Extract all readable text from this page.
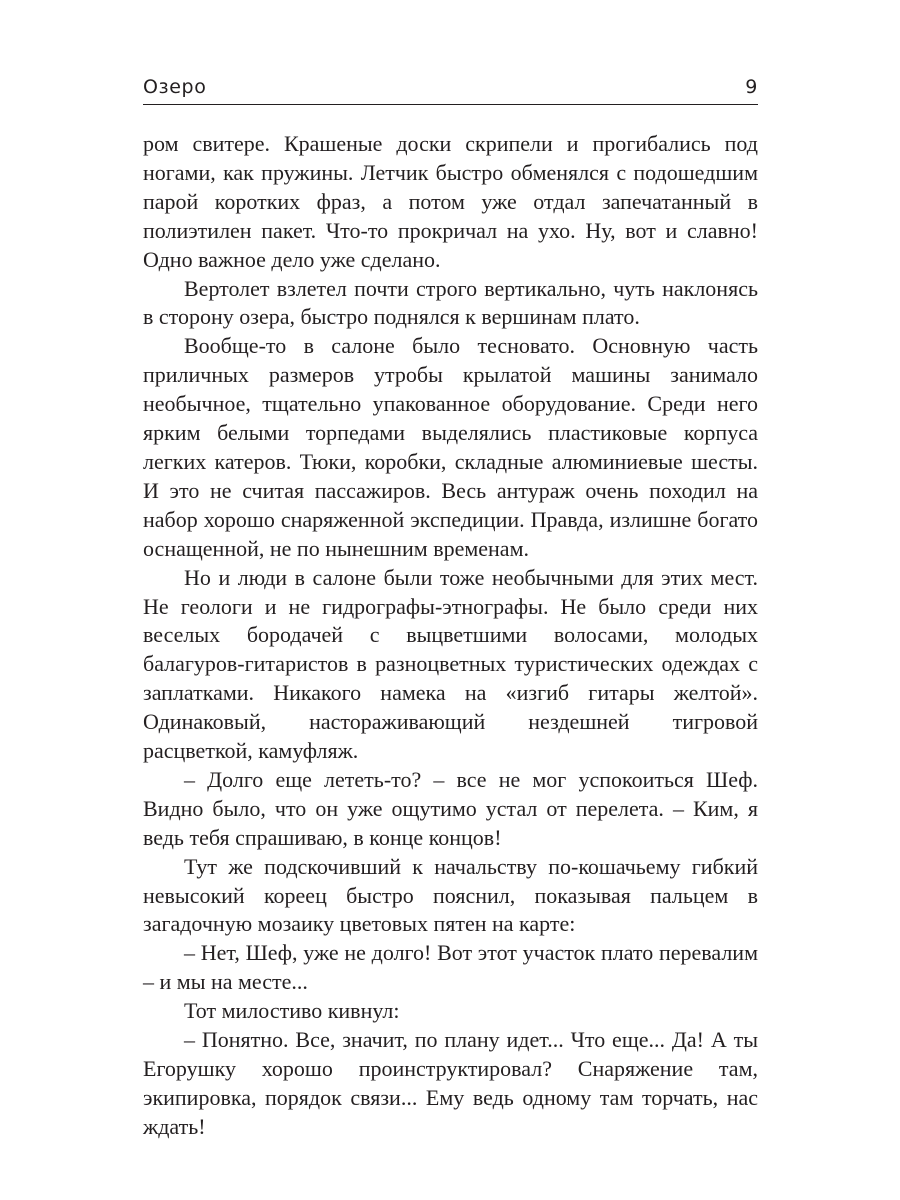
Озеро	9

ром свитере. Крашеные доски скрипели и прогибались под ногами, как пружины. Летчик быстро обменялся с подошедшим парой коротких фраз, а потом уже отдал запечатанный в полиэтилен пакет. Что-то прокричал на ухо. Ну, вот и славно! Одно важное дело уже сделано.

Вертолет взлетел почти строго вертикально, чуть наклонясь в сторону озера, быстро поднялся к вершинам плато.

Вообще-то в салоне было тесновато. Основную часть приличных размеров утробы крылатой машины занимало необычное, тщательно упакованное оборудование. Среди него ярким белыми торпедами выделялись пластиковые корпуса легких катеров. Тюки, коробки, складные алюминиевые шесты. И это не считая пассажиров. Весь антураж очень походил на набор хорошо снаряженной экспедиции. Правда, излишне богато оснащенной, не по нынешним временам.

Но и люди в салоне были тоже необычными для этих мест. Не геологи и не гидрографы-этнографы. Не было среди них веселых бородачей с выцветшими волосами, молодых балагуров-гитаристов в разноцветных туристических одеждах с заплатками. Никакого намека на «изгиб гитары желтой». Одинаковый, настораживающий нездешней тигровой расцветкой, камуфляж.

– Долго еще лететь-то? – все не мог успокоиться Шеф. Видно было, что он уже ощутимо устал от перелета. – Ким, я ведь тебя спрашиваю, в конце концов!

Тут же подскочивший к начальству по-кошачьему гибкий невысокий кореец быстро пояснил, показывая пальцем в загадочную мозаику цветовых пятен на карте:

– Нет, Шеф, уже не долго! Вот этот участок плато перевалим – и мы на месте...

Тот милостиво кивнул:

– Понятно. Все, значит, по плану идет... Что еще... Да! А ты Егорушку хорошо проинструктировал? Снаряжение там, экипировка, порядок связи... Ему ведь одному там торчать, нас ждать!
